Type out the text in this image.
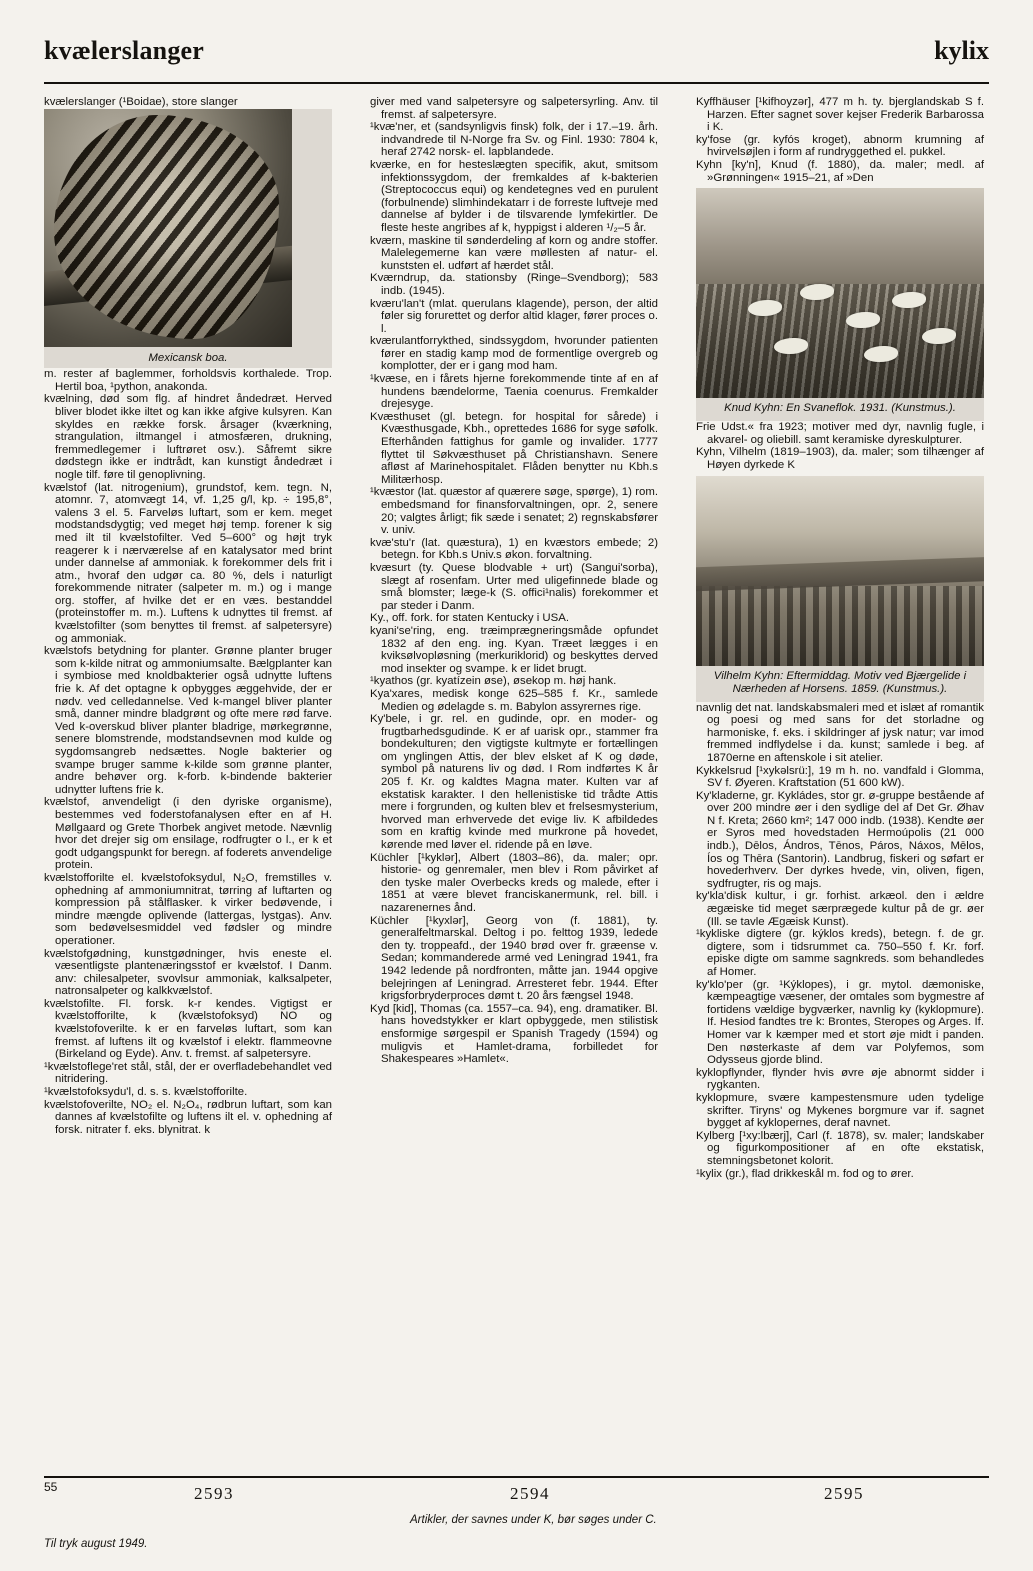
kvælerslanger	kylix
kvælerslanger (¹Boidae), store slanger
Mexicansk boa.
m. rester af baglemmer, forholdsvis korthalede. Trop. Hertil boa, ¹python, anakonda.
kvælning, død som flg. af hindret åndedræt. Herved bliver blodet ikke iltet og kan ikke afgive kulsyren. Kan skyldes en række forsk. årsager (kværkning, strangulation, iltmangel i atmosfæren, drukning, fremmedlegemer i luftrøret osv.). Såfremt sikre dødstegn ikke er indtrådt, kan kunstigt åndedræt i nogle tilf. føre til genoplivning.
kvælstof (lat. nitrogenium), grundstof, kem. tegn. N, atomnr. 7, atomvægt 14, vf. 1,25 g/l, kp. ÷ 195,8°, valens 3 el. 5. Farveløs luftart, som er kem. meget modstandsdygtig; ved meget høj temp. forener k sig med ilt til kvælstofilter. Ved 5–600° og højt tryk reagerer k i nærværelse af en katalysator med brint under dannelse af ammoniak. k forekommer dels frit i atm., hvoraf den udgør ca. 80 %, dels i naturligt forekommende nitrater (salpeter m. m.) og i mange org. stoffer, af hvilke det er en væs. bestanddel (proteinstoffer m. m.). Luftens k udnyttes til fremst. af kvælstofilter (som benyttes til fremst. af salpetersyre) og ammoniak.
kvælstofs betydning for planter. Grønne planter bruger som k-kilde nitrat og ammoniumsalte. Bælgplanter kan i symbiose med knoldbakterier også udnytte luftens frie k. Af det optagne k opbygges æggehvide, der er nødv. ved celledannelse. Ved k-mangel bliver planter små, danner mindre bladgrønt og ofte mere rød farve. Ved k-overskud bliver planter bladrige, mørkegrønne, senere blomstrende, modstandsevnen mod kulde og sygdomsangreb nedsættes. Nogle bakterier og svampe bruger samme k-kilde som grønne planter, andre behøver org. k-forb. k-bindende bakterier udnytter luftens frie k.
kvælstof, anvendeligt (i den dyriske organisme), bestemmes ved foderstofanalysen efter en af H. Møllgaard og Grete Thorbek angivet metode. Nævnlig hvor det drejer sig om ensilage, rodfrugter o l., er k et godt udgangspunkt for beregn. af foderets anvendelige protein.
kvælstofforilte el. kvælstofoksydul, N₂O, fremstilles v. ophedning af ammoniumnitrat, tørring af luftarten og kompression på stålflasker. k virker bedøvende, i mindre mængde oplivende (lattergas, lystgas). Anv. som bedøvelsesmiddel ved fødsler og mindre operationer.
kvælstofgødning, kunstgødninger, hvis eneste el. væsentligste plantenæringsstof er kvælstof. I Danm. anv: chilesalpeter, svovlsur ammoniak, kalksalpeter, natronsalpeter og kalkkvælstof.
kvælstofilte. Fl. forsk. k-r kendes. Vigtigst er kvælstofforilte, k (kvælstofoksyd) NO og kvælstofoverilte. k er en farveløs luftart, som kan fremst. af luftens ilt og kvælstof i elektr. flammeovne (Birkeland og Eyde). Anv. t. fremst. af salpetersyre.
¹kvælstoflege'ret stål, stål, der er overfladebehandlet ved nitridering.
¹kvælstofoksydu'l, d. s. s. kvælstofforilte.
kvælstofoverilte, NO₂ el. N₂O₄, rødbrun luftart, som kan dannes af kvælstofilte og luftens ilt el. v. ophedning af forsk. nitrater f. eks. blynitrat. k
giver med vand salpetersyre og salpetersyrling. Anv. til fremst. af salpetersyre.
¹kvæ'ner, et (sandsynligvis finsk) folk, der i 17.–19. årh. indvandrede til N-Norge fra Sv. og Finl. 1930: 7804 k, heraf 2742 norsk- el. lapblandede.
kværke, en for hesteslægten specifik, akut, smitsom infektionssygdom, der fremkaldes af k-bakterien (Streptococcus equi) og kendetegnes ved en purulent (forbulnende) slimhindekatarr i de forreste luftveje med dannelse af bylder i de tilsvarende lymfekirtler. De fleste heste angribes af k, hyppigst i alderen ¹/₂–5 år.
kværn, maskine til sønderdeling af korn og andre stoffer. Malelegemerne kan være møllesten af natur- el. kunststen el. udført af hærdet stål.
Kværndrup, da. stationsby (Ringe–Svendborg); 583 indb. (1945).
kværu'lan't (mlat. querulans klagende), person, der altid føler sig forurettet og derfor altid klager, fører proces o. l.
kværulantforrykthed, sindssygdom, hvorunder patienten fører en stadig kamp mod de formentlige overgreb og komplotter, der er i gang mod ham.
¹kvæse, en i fårets hjerne forekommende tinte af en af hundens bændelorme, Taenia coenurus. Fremkalder drejesyge.
Kvæsthuset (gl. betegn. for hospital for sårede) i Kvæsthusgade, Kbh., oprettedes 1686 for syge søfolk. Efterhånden fattighus for gamle og invalider. 1777 flyttet til Søkvæsthuset på Christianshavn. Senere afløst af Marinehospitalet. Flåden benytter nu Kbh.s Militærhosp.
¹kvæstor (lat. quæstor af quærere søge, spørge), 1) rom. embedsmand for finansforvaltningen, opr. 2, senere 20; valgtes årligt; fik sæde i senatet; 2) regnskabsfører v. univ.
kvæ'stu'r (lat. quæstura), 1) en kvæstors embede; 2) betegn. for Kbh.s Univ.s økon. forvaltning.
kvæsurt (ty. Quese blodvable + urt) (Sangui'sorba), slægt af rosenfam. Urter med uligefinnede blade og små blomster; læge-k (S. offici¹nalis) forekommer et par steder i Danm.
Ky., off. fork. for staten Kentucky i USA.
kyani'se'ring, eng. træimprægneringsmåde opfundet 1832 af den eng. ing. Kyan. Træet lægges i en kviksølvopløsning (merkuriklorid) og beskyttes derved mod insekter og svampe. k er lidet brugt.
¹kyathos (gr. kyatízein øse), øsekop m. høj hank.
Kya'xares, medisk konge 625–585 f. Kr., samlede Medien og ødelagde s. m. Babylon assyrernes rige.
Ky'bele, i gr. rel. en gudinde, opr. en moder- og frugtbarhedsgudinde. K er af uarisk opr., stammer fra bondekulturen; den vigtigste kultmyte er fortællingen om ynglingen Attis, der blev elsket af K og døde, symbol på naturens liv og død. I Rom indførtes K år 205 f. Kr. og kaldtes Magna mater. Kulten var af ekstatisk karakter. I den hellenistiske tid trådte Attis mere i forgrunden, og kulten blev et frelsesmysterium, hvorved man erhvervede det evige liv. K afbildedes som en kraftig kvinde med murkrone på hovedet, kørende med løver el. ridende på en løve.
Küchler [¹kyklər], Albert (1803–86), da. maler; opr. historie- og genremaler, men blev i Rom påvirket af den tyske maler Overbecks kreds og malede, efter i 1851 at være blevet franciskanermunk, rel. bill. i nazarenernes ånd.
Küchler [¹kyxlər], Georg von (f. 1881), ty. generalfeltmarskal. Deltog i po. felttog 1939, ledede den ty. troppeafd., der 1940 brød over fr. græense v. Sedan; kommanderede armé ved Leningrad 1941, fra 1942 ledende på nordfronten, måtte jan. 1944 opgive belejringen af Leningrad. Arresteret febr. 1944. Efter krigsforbryderproces dømt t. 20 års fængsel 1948.
Kyd [kid], Thomas (ca. 1557–ca. 94), eng. dramatiker. Bl. hans hovedstykker er klart opbyggede, men stilistisk ensformige sørgespil er Spanish Tragedy (1594) og muligvis et Hamlet-drama, forbilledet for Shakespeares »Hamlet«.
Kyffhäuser [¹kifhoyzər], 477 m h. ty. bjerglandskab S f. Harzen. Efter sagnet sover kejser Frederik Barbarossa i K.
ky'fose (gr. kyfós kroget), abnorm krumning af hvirvelsøjlen i form af rundryggethed el. pukkel.
Kyhn [ky'n], Knud (f. 1880), da. maler; medl. af »Grønningen« 1915–21, af »Den
Knud Kyhn: En Svaneflok. 1931. (Kunstmus.).
Frie Udst.« fra 1923; motiver med dyr, navnlig fugle, i akvarel- og oliebill. samt keramiske dyreskulpturer.
Kyhn, Vilhelm (1819–1903), da. maler; som tilhænger af Høyen dyrkede K
Vilhelm Kyhn: Eftermiddag. Motiv ved Bjærgelide i Nærheden af Horsens. 1859. (Kunstmus.).
navnlig det nat. landskabsmaleri med et islæt af romantik og poesi og med sans for det storladne og harmoniske, f. eks. i skildringer af jysk natur; var imod fremmed indflydelse i da. kunst; samlede i beg. af 1870erne en aftenskole i sit atelier.
Kykkelsrud [¹xykəlsrü:], 19 m h. no. vandfald i Glomma, SV f. Øyeren. Kraftstation (51 600 kW).
Ky'kladerne, gr. Kykládes, stor gr. ø-gruppe bestående af over 200 mindre øer i den sydlige del af Det Gr. Øhav N f. Kreta; 2660 km²; 147 000 indb. (1938). Kendte øer er Syros med hovedstaden Hermoúpolis (21 000 indb.), Dēlos, Ándros, Tēnos, Páros, Náxos, Mēlos, Íos og Thēra (Santorin). Landbrug, fiskeri og søfart er hovederhverv. Der dyrkes hvede, vin, oliven, figen, sydfrugter, ris og majs.
ky'kla'disk kultur, i gr. forhist. arkæol. den i ældre ægæiske tid meget særprægede kultur på de gr. øer (Ill. se tavle Ægæisk Kunst).
¹kykliske digtere (gr. kýklos kreds), betegn. f. de gr. digtere, som i tidsrummet ca. 750–550 f. Kr. forf. episke digte om samme sagnkreds. som behandledes af Homer.
ky'klo'per (gr. ¹Kýklopes), i gr. mytol. dæmoniske, kæmpeagtige væsener, der omtales som bygmestre af fortidens vældige bygværker, navnlig ky (kyklopmure). If. Hesiod fandtes tre k: Brontes, Steropes og Arges. If. Homer var k kæmper med et stort øje midt i panden. Den nøsterkaste af dem var Polyfemos, som Odysseus gjorde blind.
kyklopflynder, flynder hvis øvre øje abnormt sidder i rygkanten.
kyklopmure, svære kampestensmure uden tydelige skrifter. Tiryns' og Mykenes borgmure var if. sagnet bygget af kyklopernes, deraf navnet.
Kylberg [¹xy:lbærj], Carl (f. 1878), sv. maler; landskaber og figurkompositioner af en ofte ekstatisk, stemningsbetonet kolorit.
¹kylix (gr.), flad drikkeskål m. fod og to ører.
55	2593	2594	2595
Artikler, der savnes under K, bør søges under C.
Til tryk august 1949.
